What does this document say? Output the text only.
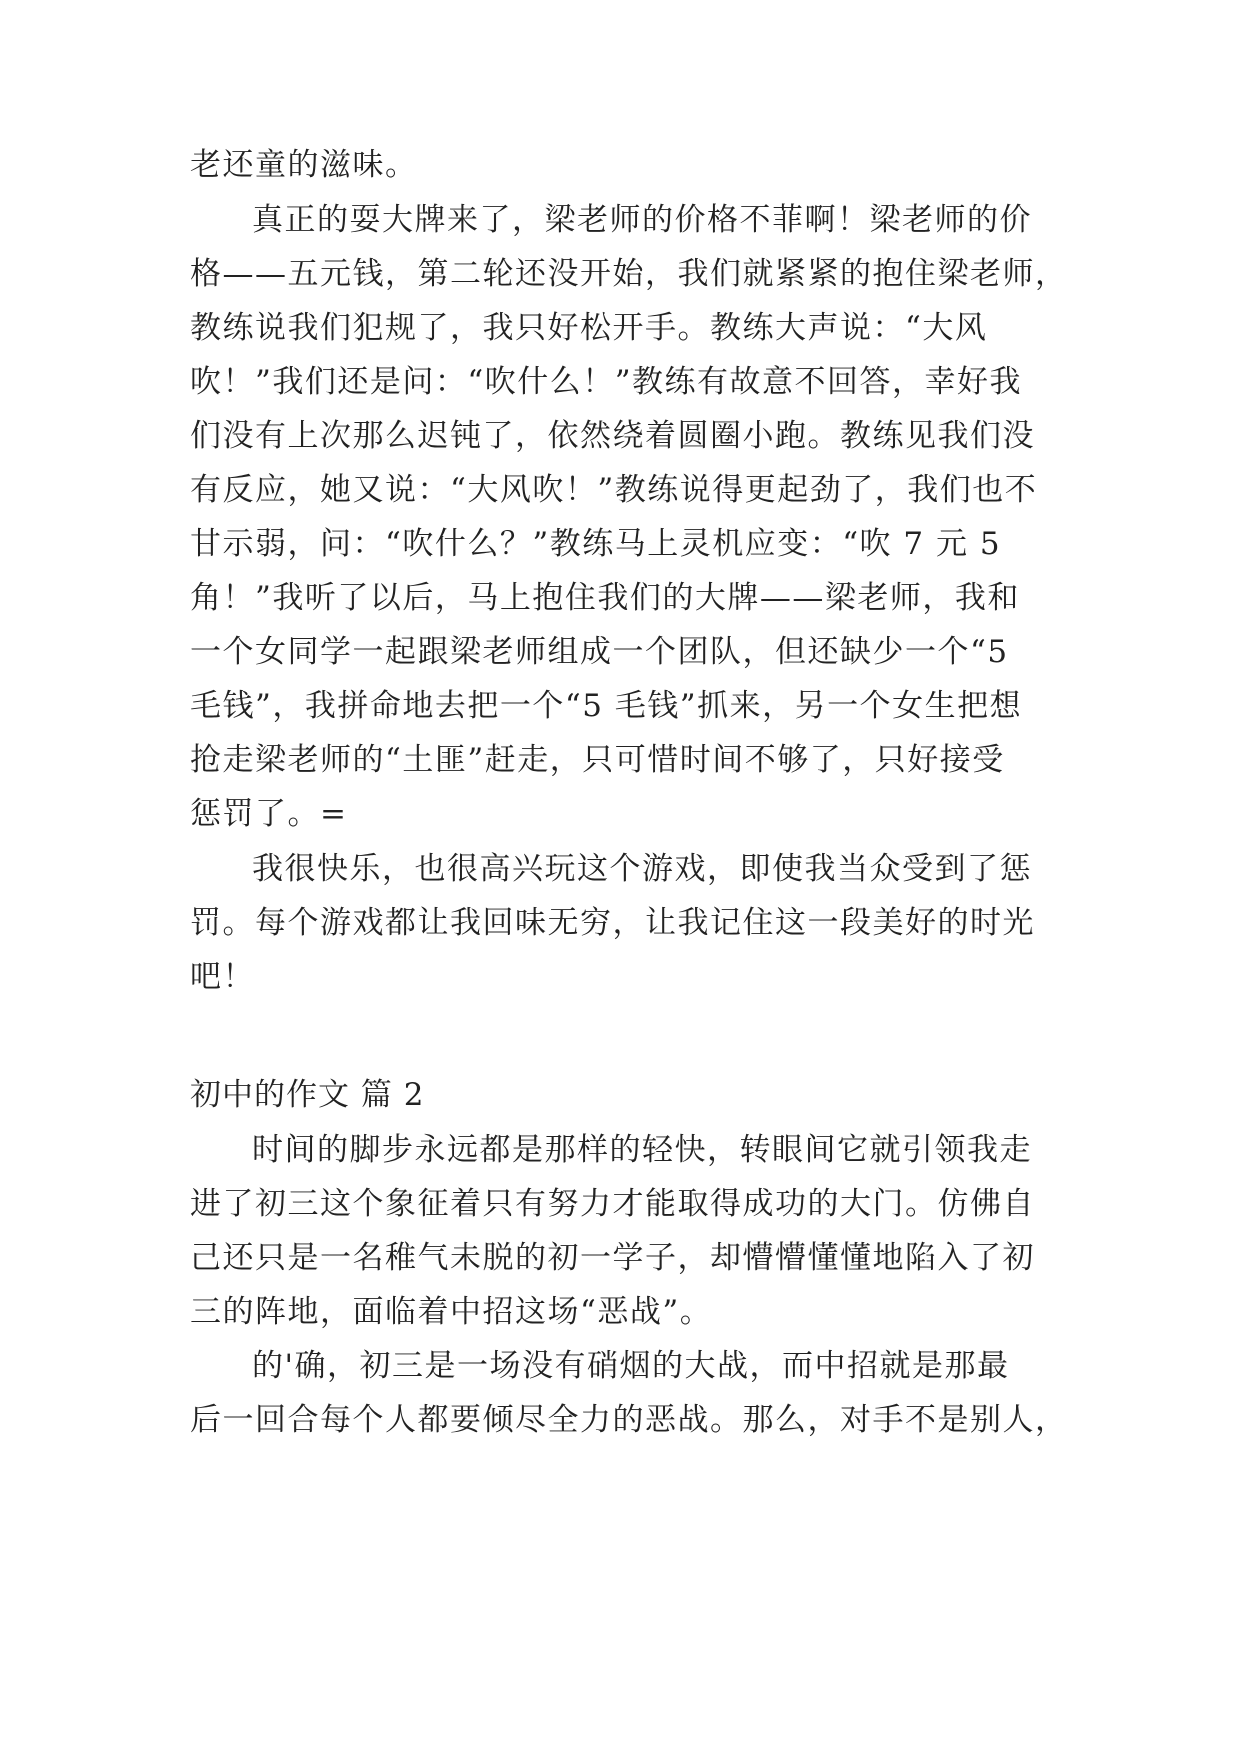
老还童的滋味。
真正的耍大牌来了，梁老师的价格不菲啊！梁老师的价
格——五元钱，第二轮还没开始，我们就紧紧的抱住梁老师，
教练说我们犯规了，我只好松开手。教练大声说：“大风
吹！”我们还是问：“吹什么！”教练有故意不回答，幸好我
们没有上次那么迟钝了，依然绕着圆圈小跑。教练见我们没
有反应，她又说：“大风吹！”教练说得更起劲了，我们也不
甘示弱，问：“吹什么？”教练马上灵机应变：“吹 7 元 5
角！”我听了以后，马上抱住我们的大牌——梁老师，我和
一个女同学一起跟梁老师组成一个团队，但还缺少一个“5
毛钱”，我拼命地去把一个“5 毛钱”抓来，另一个女生把想
抢走梁老师的“土匪”赶走，只可惜时间不够了，只好接受
惩罚了。=
我很快乐，也很高兴玩这个游戏，即使我当众受到了惩
罚。每个游戏都让我回味无穷，让我记住这一段美好的时光
吧！
初中的作文 篇 2
时间的脚步永远都是那样的轻快，转眼间它就引领我走
进了初三这个象征着只有努力才能取得成功的大门。仿佛自
己还只是一名稚气未脱的初一学子，却懵懵懂懂地陷入了初
三的阵地，面临着中招这场“恶战”。
的'确，初三是一场没有硝烟的大战，而中招就是那最
后一回合每个人都要倾尽全力的恶战。那么，对手不是别人，
